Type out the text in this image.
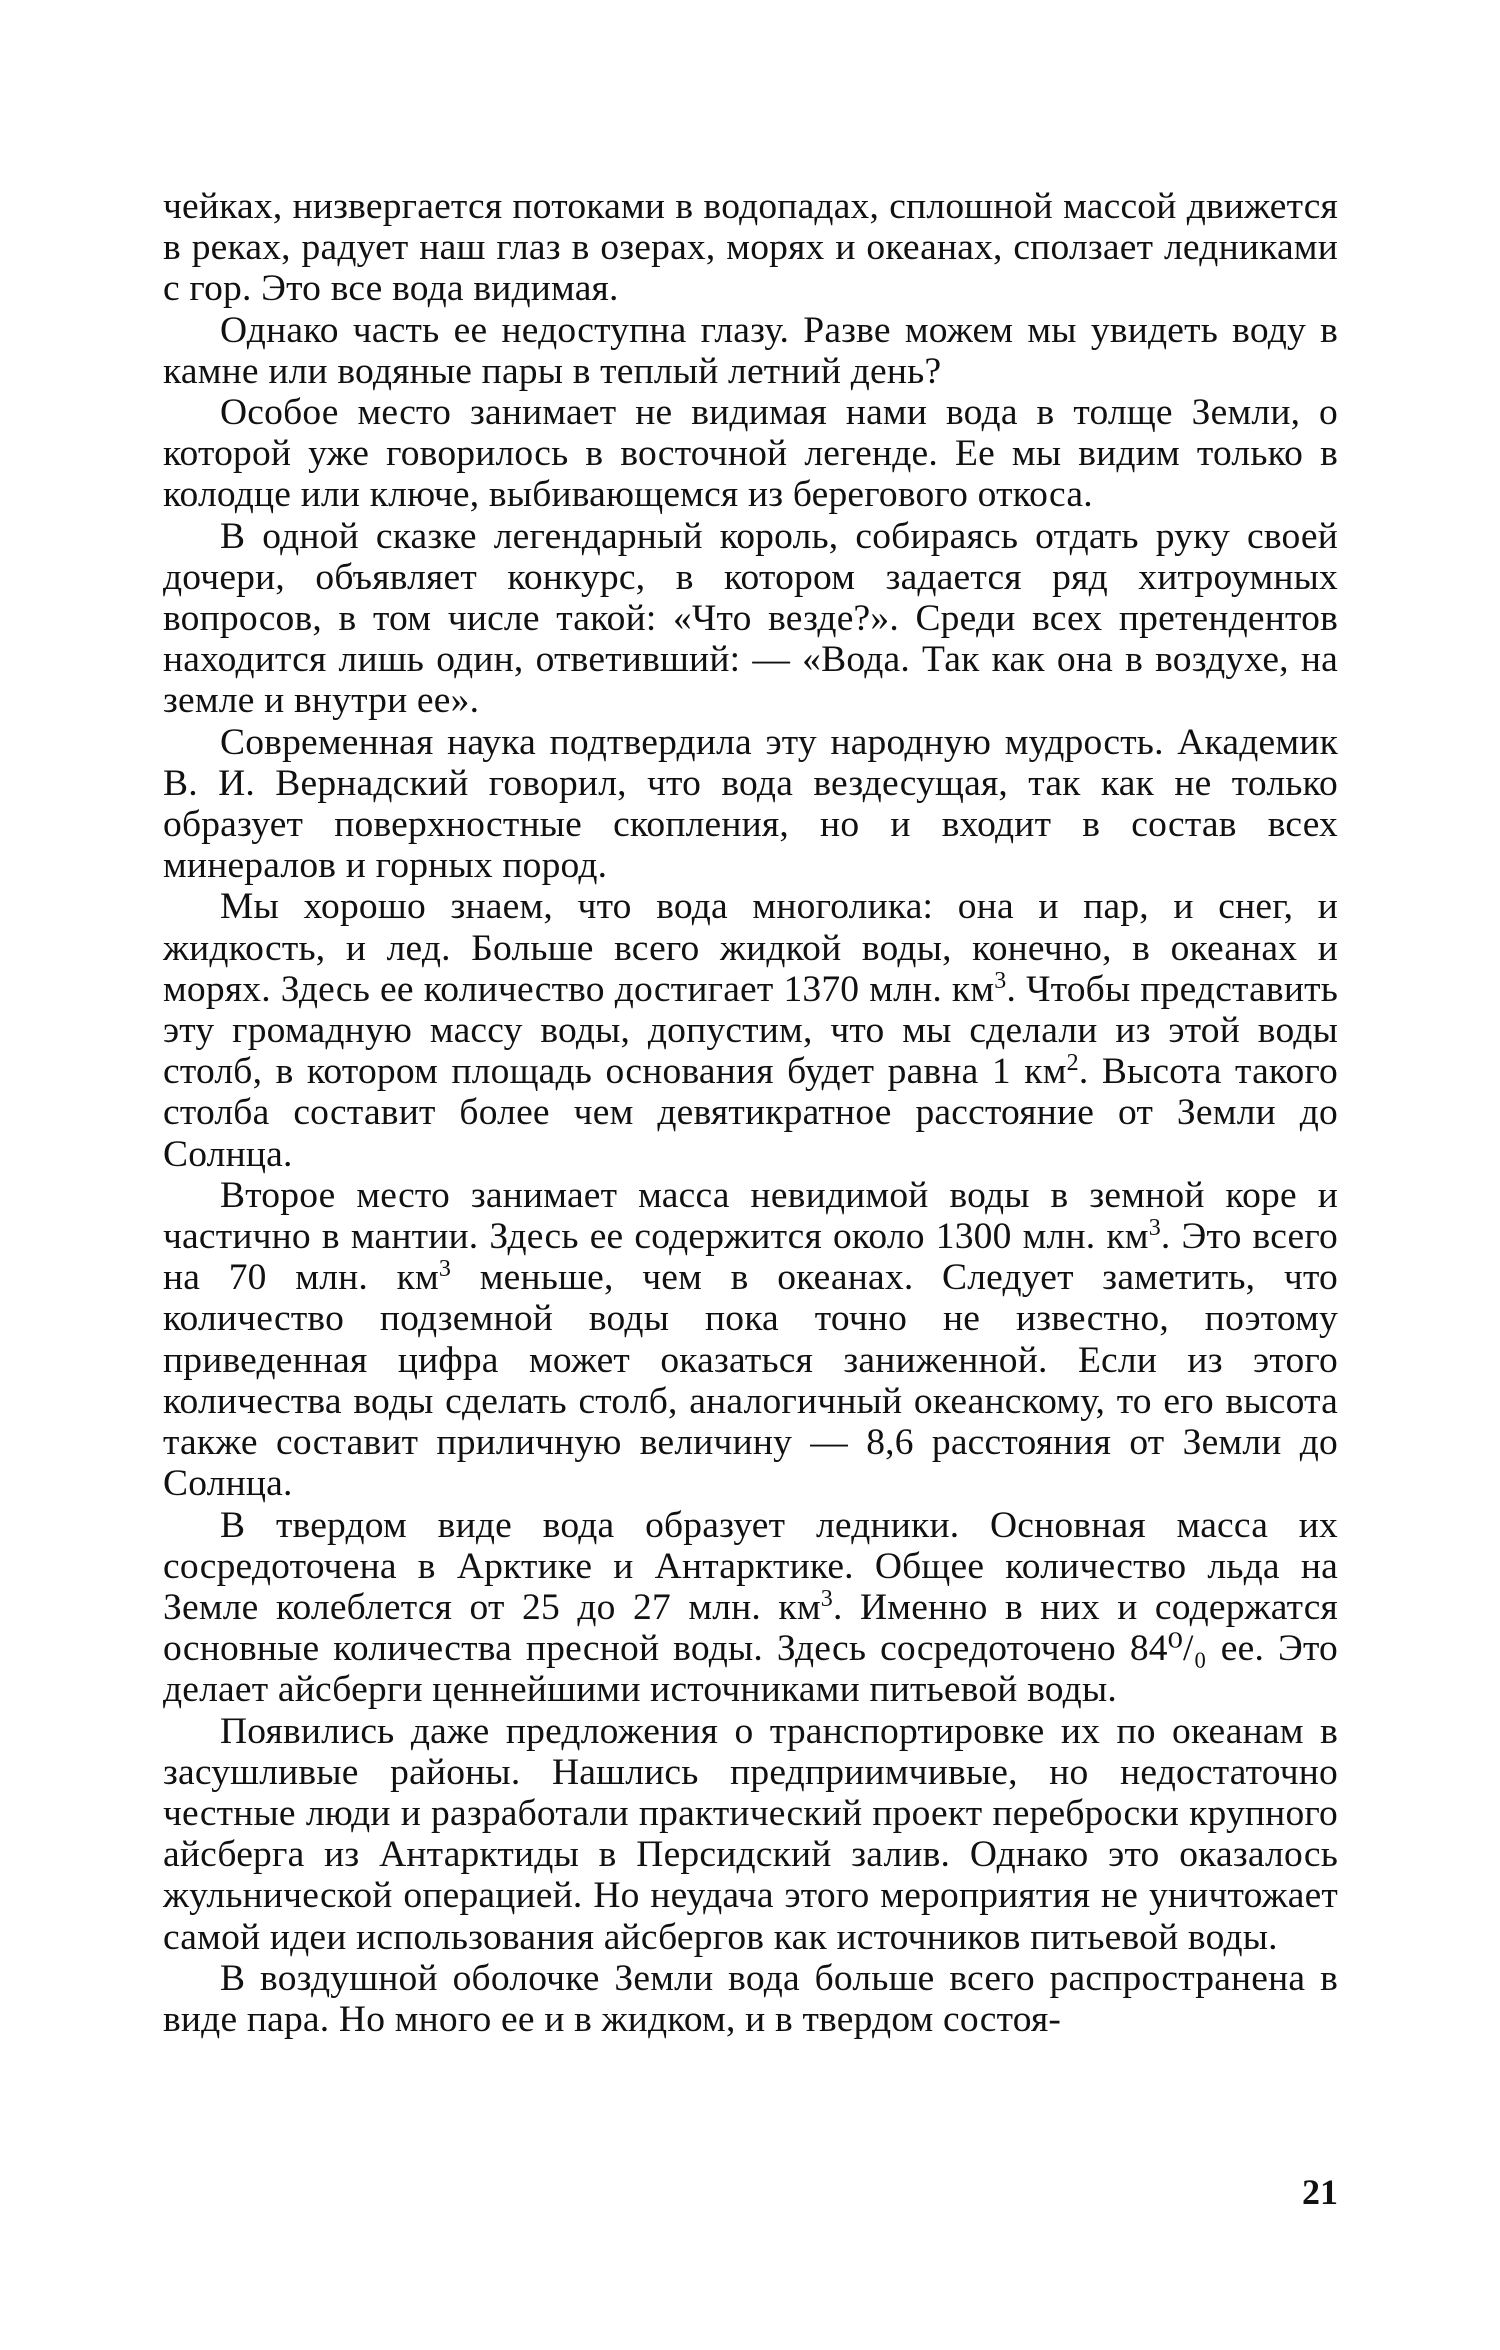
чейках, низвергается потоками в водопадах, сплошной массой движется в реках, радует наш глаз в озерах, морях и океанах, сползает ледниками с гор. Это все вода видимая.

Однако часть ее недоступна глазу. Разве можем мы увидеть воду в камне или водяные пары в теплый летний день?

Особое место занимает не видимая нами вода в толще Земли, о которой уже говорилось в восточной легенде. Ее мы видим только в колодце или ключе, выбивающемся из берегового откоса.

В одной сказке легендарный король, собираясь отдать руку своей дочери, объявляет конкурс, в котором задается ряд хитроумных вопросов, в том числе такой: «Что везде?». Среди всех претендентов находится лишь один, ответивший: — «Вода. Так как она в воздухе, на земле и внутри ее».

Современная наука подтвердила эту народную мудрость. Академик В. И. Вернадский говорил, что вода вездесущая, так как не только образует поверхностные скопления, но и входит в состав всех минералов и горных пород.

Мы хорошо знаем, что вода многолика: она и пар, и снег, и жидкость, и лед. Больше всего жидкой воды, конечно, в океанах и морях. Здесь ее количество достигает 1370 млн. $км^3$. Чтобы представить эту громадную массу воды, допустим, что мы сделали из этой воды столб, в котором площадь основания будет равна 1 $км^2$. Высота такого столба составит более чем девятикратное расстояние от Земли до Солнца.

Второе место занимает масса невидимой воды в земной коре и частично в мантии. Здесь ее содержится около 1300 млн. $км^3$. Это всего на 70 млн. $км^3$ меньше, чем в океанах. Следует заметить, что количество подземной воды пока точно не известно, поэтому приведенная цифра может оказаться заниженной. Если из этого количества воды сделать столб, аналогичный океанскому, то его высота также составит приличную величину — 8,6 расстояния от Земли до Солнца.

В твердом виде вода образует ледники. Основная масса их сосредоточена в Арктике и Антарктике. Общее количество льда на Земле колеблется от 25 до 27 млн. $км^3$. Именно в них и содержатся основные количества пресной воды. Здесь сосредоточено 84⁰/₀ ее. Это делает айсберги ценнейшими источниками питьевой воды.

Появились даже предложения о транспортировке их по океанам в засушливые районы. Нашлись предприимчивые, но недостаточно честные люди и разработали практический проект переброски крупного айсберга из Антарктиды в Персидский залив. Однако это оказалось жульнической операцией. Но неудача этого мероприятия не уничтожает самой идеи использования айсбергов как источников питьевой воды.

В воздушной оболочке Земли вода больше всего распространена в виде пара. Но много ее и в жидком, и в твердом состоя-

21
